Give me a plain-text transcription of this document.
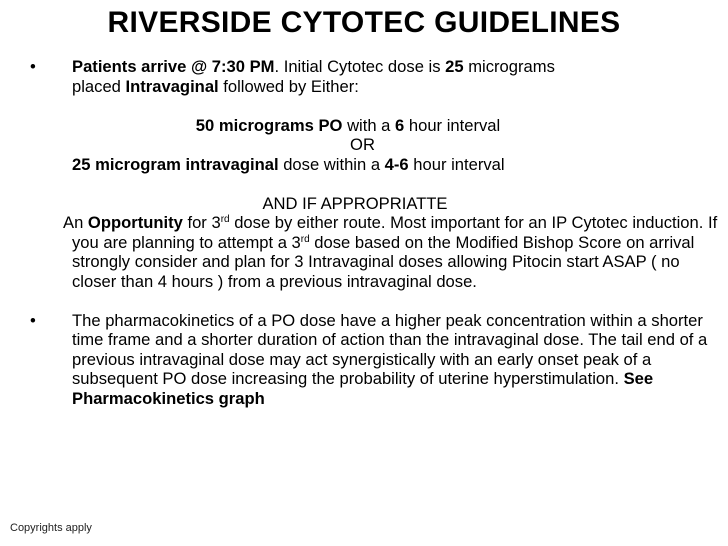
RIVERSIDE CYTOTEC GUIDELINES
• Patients arrive @ 7:30 PM. Initial Cytotec dose is 25 micrograms
placed Intravaginal followed by Either:
50 micrograms PO with a 6 hour interval
OR
25 microgram intravaginal dose within a 4-6 hour interval
AND IF APPROPRIATTE
An Opportunity for 3rd dose by either route. Most important for an IP Cytotec induction. If you are planning to attempt a 3rd dose based on the Modified Bishop Score on arrival strongly consider and plan for 3 Intravaginal doses allowing Pitocin start ASAP ( no closer than 4 hours ) from a previous intravaginal dose.
• The pharmacokinetics of a PO dose have a higher peak concentration within a shorter time frame and a shorter duration of action than the intravaginal dose. The tail end of a previous intravaginal dose may act synergistically with an early onset peak of a subsequent PO dose increasing the probability of uterine hyperstimulation. See Pharmacokinetics graph
Copyrights apply
